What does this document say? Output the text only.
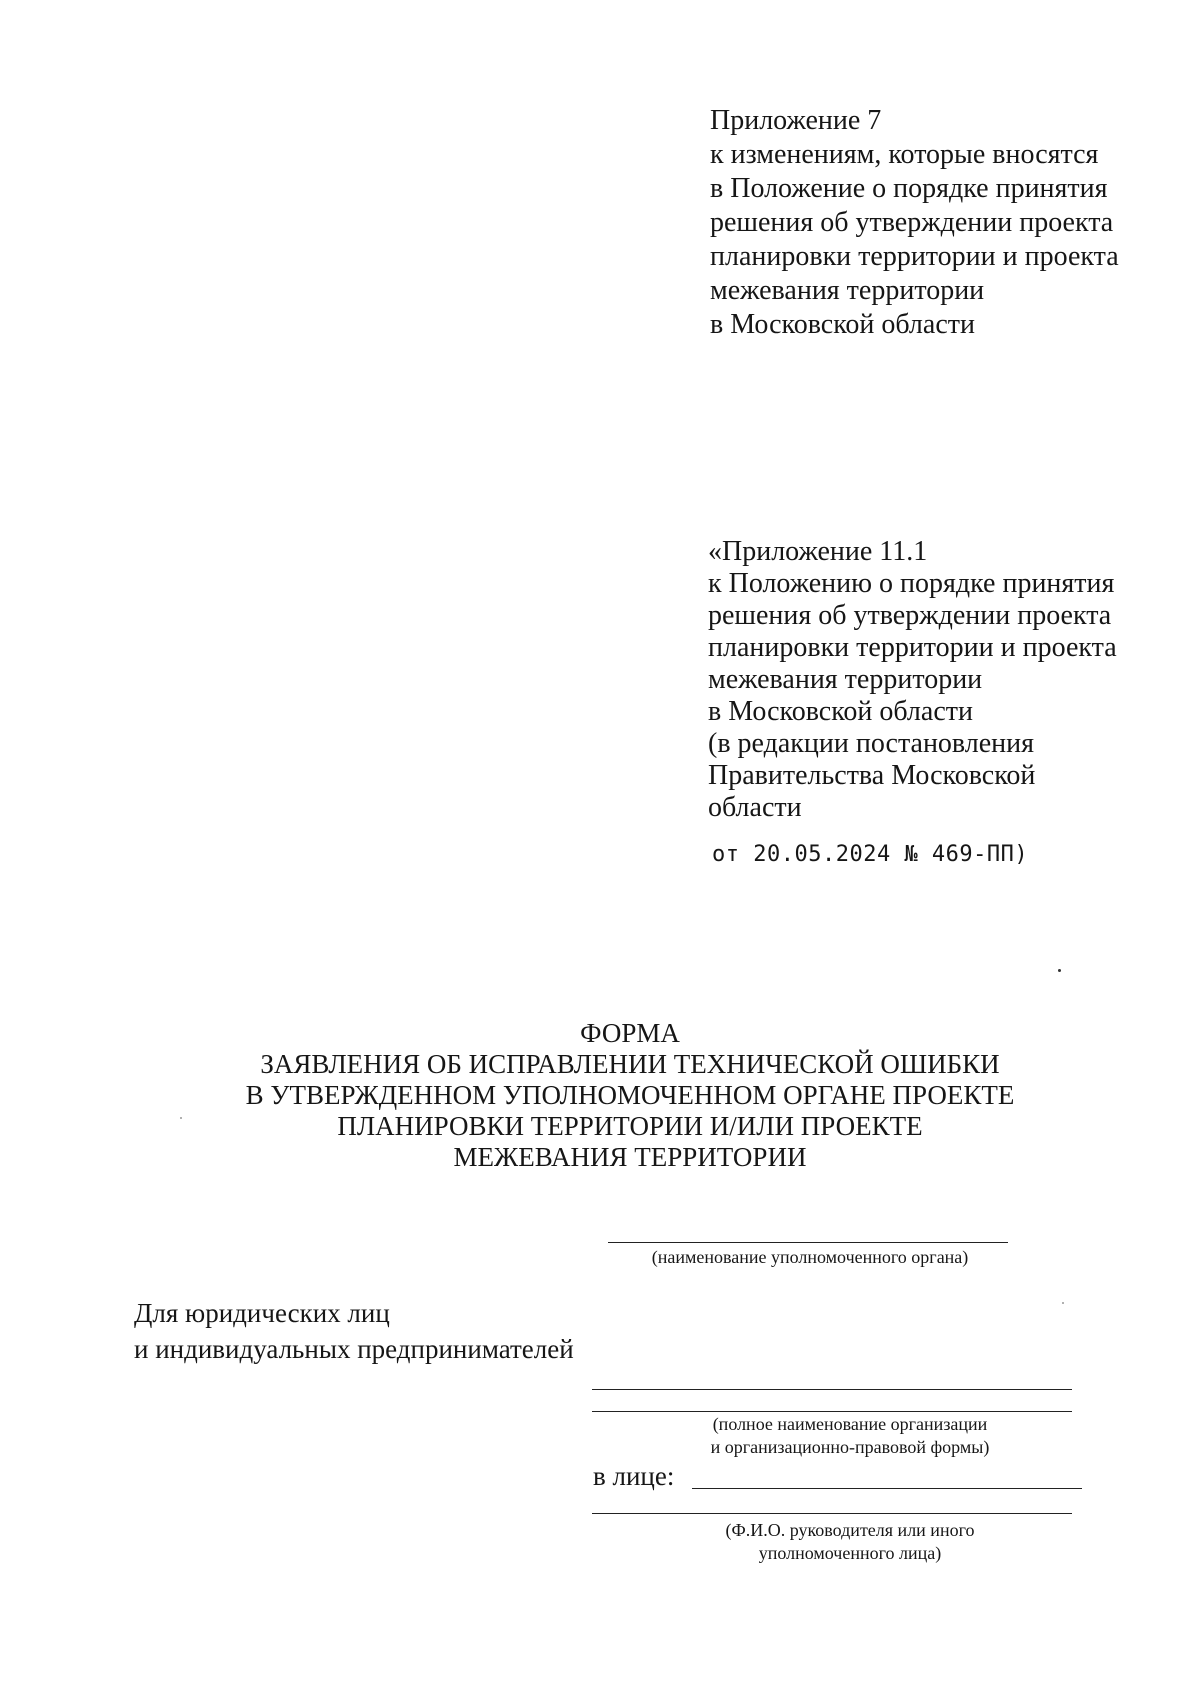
Приложение 7
к изменениям, которые вносятся
в Положение о порядке принятия
решения об утверждении проекта
планировки территории и проекта
межевания территории
в Московской области
«Приложение 11.1
к Положению о порядке принятия
решения об утверждении проекта
планировки территории и проекта
межевания территории
в Московской области
(в редакции постановления
Правительства Московской
области
от 20.05.2024 № 469-ПП)
ФОРМА
ЗАЯВЛЕНИЯ ОБ ИСПРАВЛЕНИИ ТЕХНИЧЕСКОЙ ОШИБКИ
В УТВЕРЖДЕННОМ УПОЛНОМОЧЕННОМ ОРГАНЕ ПРОЕКТЕ
ПЛАНИРОВКИ ТЕРРИТОРИИ И/ИЛИ ПРОЕКТЕ
МЕЖЕВАНИЯ ТЕРРИТОРИИ
(наименование уполномоченного органа)
Для юридических лиц
и индивидуальных предпринимателей
(полное наименование организации
и организационно-правовой формы)
в лице:
(Ф.И.О. руководителя или иного
уполномоченного лица)
